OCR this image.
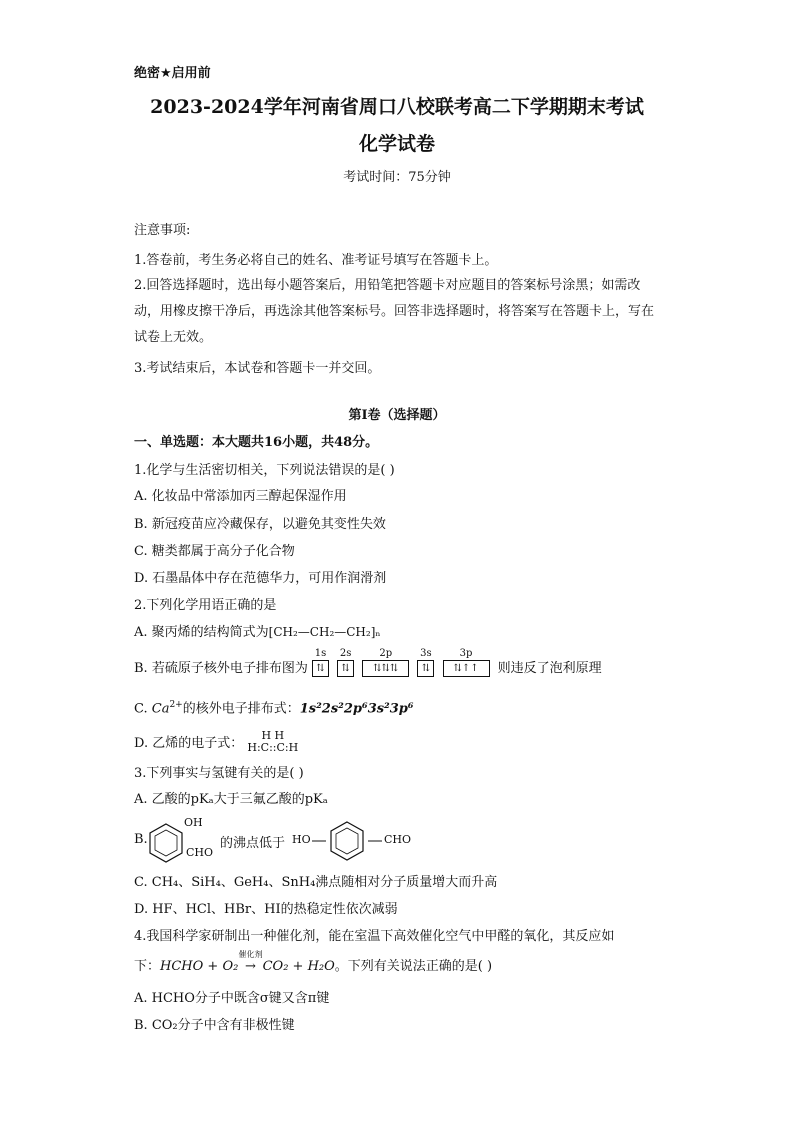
绝密★启用前
2023-2024学年河南省周口八校联考高二下学期期末考试
化学试卷
考试时间：75分钟
注意事项:
1.答卷前，考生务必将自己的姓名、准考证号填写在答题卡上。
2.回答选择题时，选出每小题答案后，用铅笔把答题卡对应题目的答案标号涂黑；如需改动，用橡皮擦干净后，再选涂其他答案标号。回答非选择题时，将答案写在答题卡上，写在试卷上无效。
3.考试结束后，本试卷和答题卡一并交回。
第I卷（选择题）
一、单选题：本大题共16小题，共48分。
1.化学与生活密切相关，下列说法错误的是( )
A. 化妆品中常添加丙三醇起保湿作用
B. 新冠疫苗应冷藏保存，以避免其变性失效
C. 糖类都属于高分子化合物
D. 石墨晶体中存在范德华力，可用作润滑剂
2.下列化学用语正确的是
A. 聚丙烯的结构简式为[CH₂—CH₂—CH₂]ₙ
B. 若硫原子核外电子排布图为
1s
⇅
2s
⇅
2p
⇅⇅⇅
3s
⇅
3p
⇅↑↑ 则违反了泡利原理
C. $Ca^{2+}$的核外电子排布式：1s²2s²2p⁶3s²3p⁶
D. 乙烯的电子式：
H H
H:C::C:H
3.下列事实与氢键有关的是( )
A. 乙酸的pKₐ大于三氟乙酸的pKₐ
B.
OH
CHO
的沸点低于 HO	CHO
C. CH₄、SiH₄、GeH₄、SnH₄沸点随相对分子质量增大而升高
D. HF、HCl、HBr、HI的热稳定性依次减弱
4.我国科学家研制出一种催化剂，能在室温下高效催化空气中甲醛的氧化，其反应如
下：HCHO + O₂
催化剂
→ CO₂ + H₂O。下列有关说法正确的是( )
A. HCHO分子中既含σ键又含π键
B. CO₂分子中含有非极性键
